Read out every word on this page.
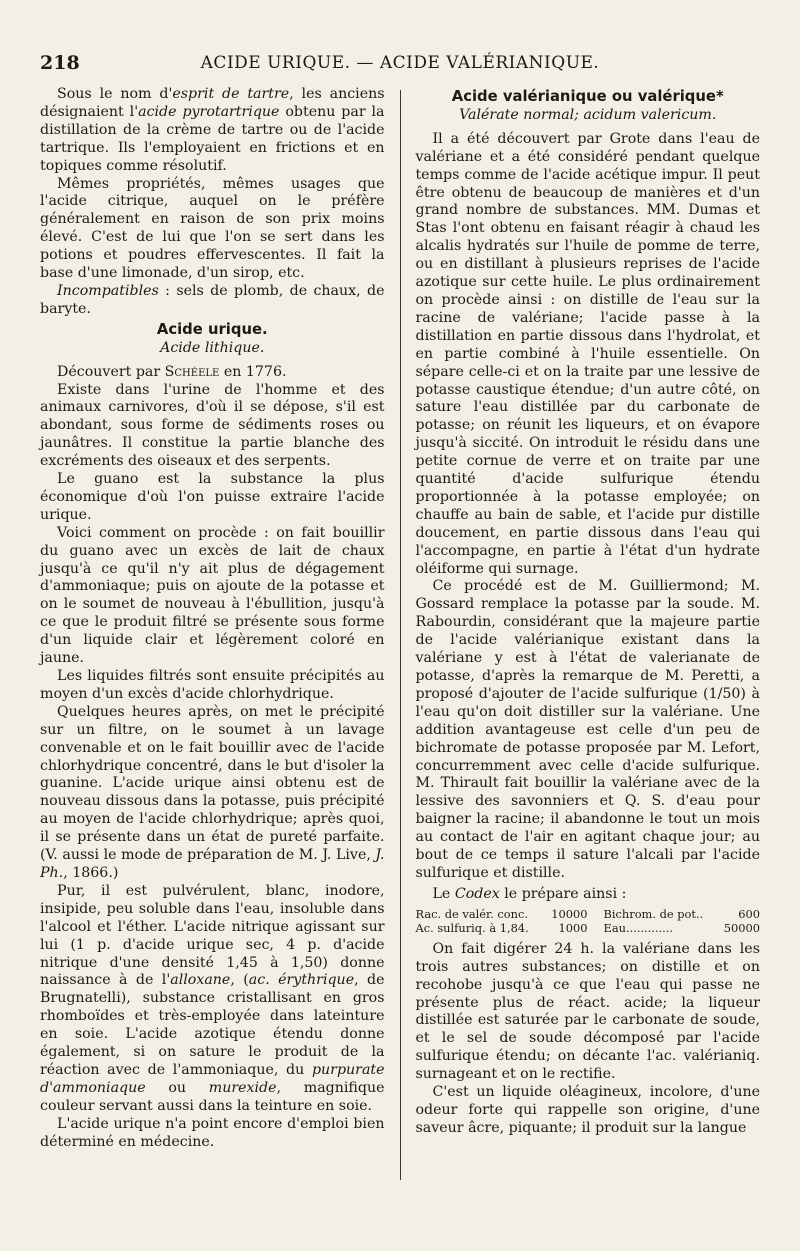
218	ACIDE URIQUE. — ACIDE VALÉRIANIQUE.

Sous le nom d'esprit de tartre, les anciens désignaient l'acide pyrotartrique obtenu par la distillation de la crème de tartre ou de l'acide tartrique. Ils l'employaient en frictions et en topiques comme résolutif.

Mêmes propriétés, mêmes usages que l'acide citrique, auquel on le préfère généralement en raison de son prix moins élevé. C'est de lui que l'on se sert dans les potions et poudres effervescentes. Il fait la base d'une limonade, d'un sirop, etc.

Incompatibles : sels de plomb, de chaux, de baryte.

Acide urique.
Acide lithique.

Découvert par Schéele en 1776.

Existe dans l'urine de l'homme et des animaux carnivores, d'où il se dépose, s'il est abondant, sous forme de sédiments roses ou jaunâtres. Il constitue la partie blanche des excréments des oiseaux et des serpents.

Le guano est la substance la plus économique d'où l'on puisse extraire l'acide urique.

Voici comment on procède : on fait bouillir du guano avec un excès de lait de chaux jusqu'à ce qu'il n'y ait plus de dégagement d'ammoniaque; puis on ajoute de la potasse et on le soumet de nouveau à l'ébullition, jusqu'à ce que le produit filtré se présente sous forme d'un liquide clair et légèrement coloré en jaune.

Les liquides filtrés sont ensuite précipités au moyen d'un excès d'acide chlorhydrique.

Quelques heures après, on met le précipité sur un filtre, on le soumet à un lavage convenable et on le fait bouillir avec de l'acide chlorhydrique concentré, dans le but d'isoler la guanine. L'acide urique ainsi obtenu est de nouveau dissous dans la potasse, puis précipité au moyen de l'acide chlorhydrique; après quoi, il se présente dans un état de pureté parfaite. (V. aussi le mode de préparation de M. J. Live, J. Ph., 1866.)

Pur, il est pulvérulent, blanc, inodore, insipide, peu soluble dans l'eau, insoluble dans l'alcool et l'éther. L'acide nitrique agissant sur lui (1 p. d'acide urique sec, 4 p. d'acide nitrique d'une densité 1,45 à 1,50) donne naissance à de l'alloxane, (ac. érythrique, de Brugnatelli), substance cristallisant en gros rhomboïdes et très-employée dans lateinture en soie. L'acide azotique étendu donne également, si on sature le produit de la réaction avec de l'ammoniaque, du purpurate d'ammoniaque ou murexide, magnifique couleur servant aussi dans la teinture en soie.

L'acide urique n'a point encore d'emploi bien déterminé en médecine.

Acide valérianique ou valérique*
Valérate normal; acidum valericum.

Il a été découvert par Grote dans l'eau de valériane et a été considéré pendant quelque temps comme de l'acide acétique impur. Il peut être obtenu de beaucoup de manières et d'un grand nombre de substances. MM. Dumas et Stas l'ont obtenu en faisant réagir à chaud les alcalis hydratés sur l'huile de pomme de terre, ou en distillant à plusieurs reprises de l'acide azotique sur cette huile. Le plus ordinairement on procède ainsi : on distille de l'eau sur la racine de valériane; l'acide passe à la distillation en partie dissous dans l'hydrolat, et en partie combiné à l'huile essentielle. On sépare celle-ci et on la traite par une lessive de potasse caustique étendue; d'un autre côté, on sature l'eau distillée par du carbonate de potasse; on réunit les liqueurs, et on évapore jusqu'à siccité. On introduit le résidu dans une petite cornue de verre et on traite par une quantité d'acide sulfurique étendu proportionnée à la potasse employée; on chauffe au bain de sable, et l'acide pur distille doucement, en partie dissous dans l'eau qui l'accompagne, en partie à l'état d'un hydrate oléiforme qui surnage.

Ce procédé est de M. Guilliermond; M. Gossard remplace la potasse par la soude. M. Rabourdin, considérant que la majeure partie de l'acide valérianique existant dans la valériane y est à l'état de valerianate de potasse, d'après la remarque de M. Peretti, a proposé d'ajouter de l'acide sulfurique (1/50) à l'eau qu'on doit distiller sur la valériane. Une addition avantageuse est celle d'un peu de bichromate de potasse proposée par M. Lefort, concurremment avec celle d'acide sulfurique. M. Thirault fait bouillir la valériane avec de la lessive des savonniers et Q. S. d'eau pour baigner la racine; il abandonne le tout un mois au contact de l'air en agitant chaque jour; au bout de ce temps il sature l'alcali par l'acide sulfurique et distille.

Le Codex le prépare ainsi :

Rac. de valér. conc.	10000		Bichrom. de pot..	600
Ac. sulfuriq. à 1,84.	1000		Eau.............	50000

On fait digérer 24 h. la valériane dans les trois autres substances; on distille et on recohobe jusqu'à ce que l'eau qui passe ne présente plus de réact. acide; la liqueur distillée est saturée par le carbonate de soude, et le sel de soude décomposé par l'acide sulfurique étendu; on décante l'ac. valérianiq. surnageant et on le rectifie.

C'est un liquide oléagineux, incolore, d'une odeur forte qui rappelle son origine, d'une saveur âcre, piquante; il produit sur la langue
